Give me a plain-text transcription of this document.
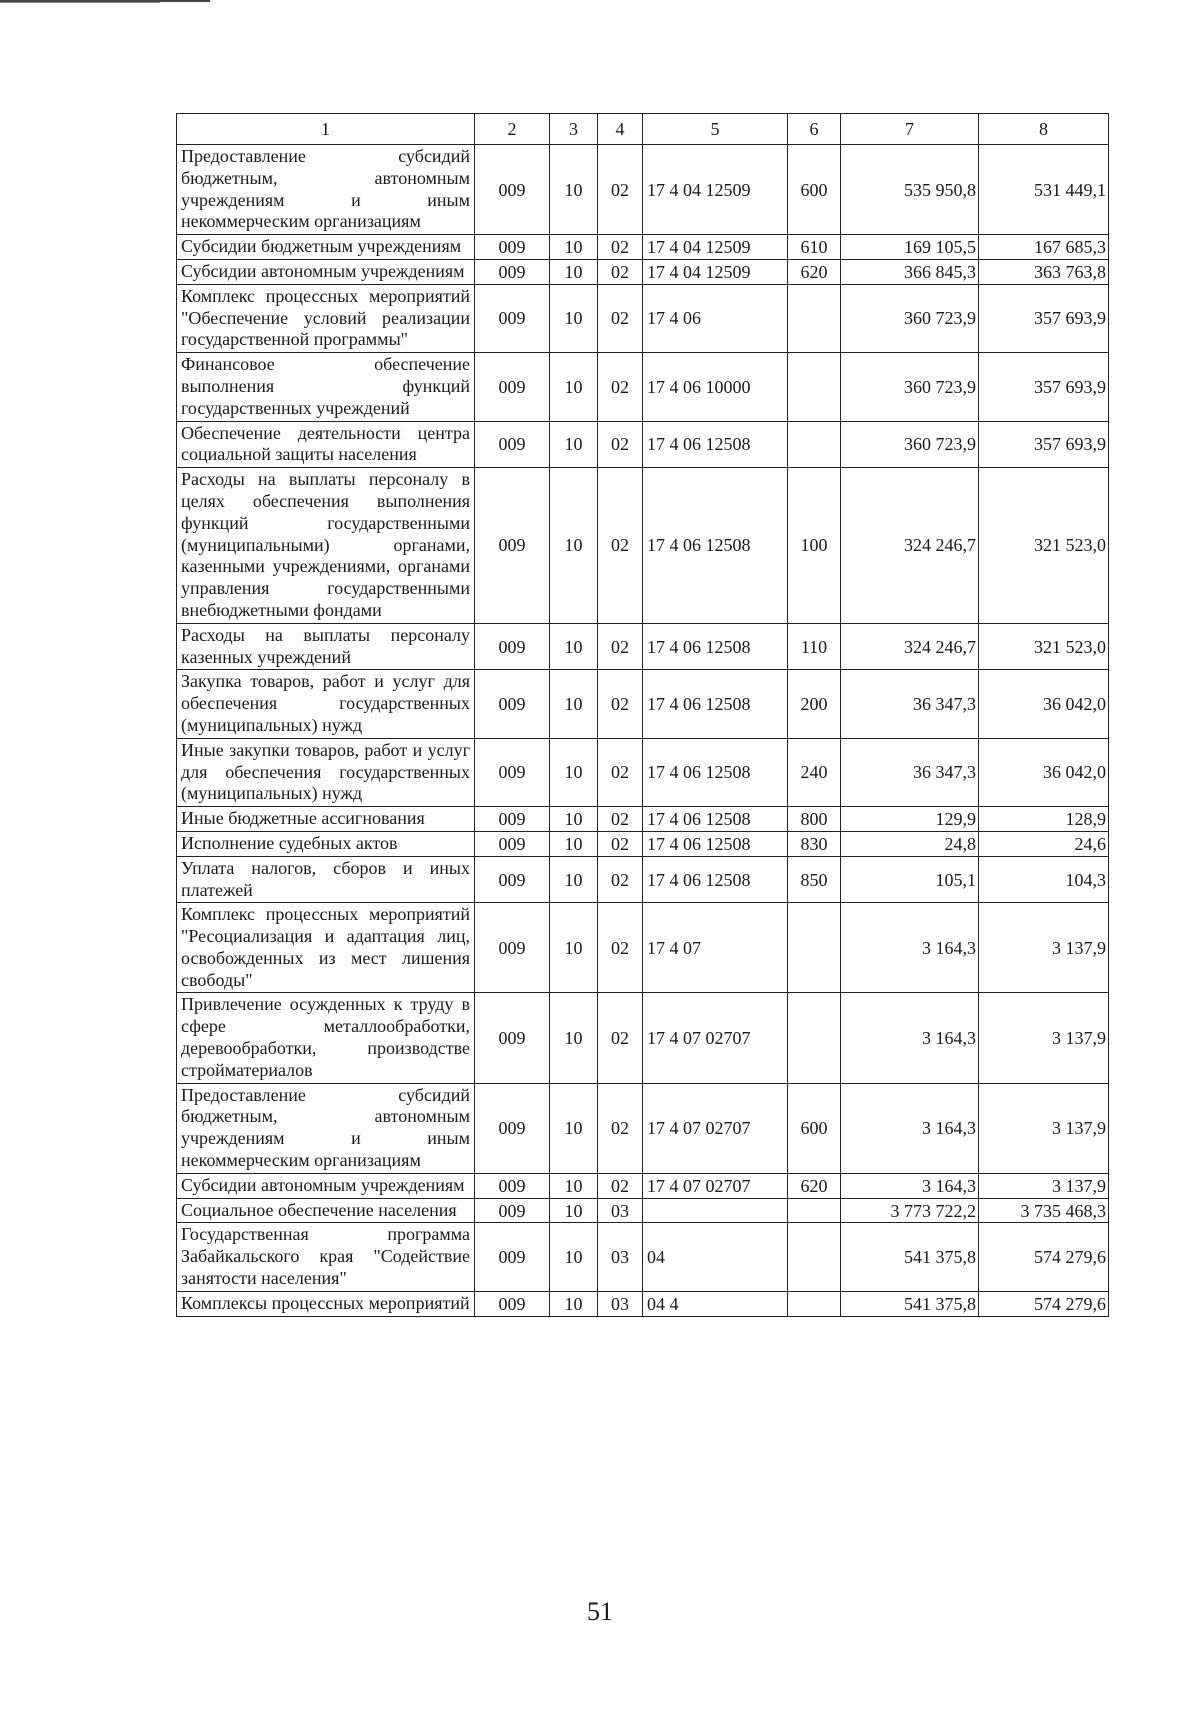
1	2	3	4	5	6	7	8
Предоставление субсидий бюджетным, автономным учреждениям и иным некоммерческим организациям	009	10	02	17 4 04 12509	600	535 950,8	531 449,1
Субсидии бюджетным учреждениям	009	10	02	17 4 04 12509	610	169 105,5	167 685,3
Субсидии автономным учреждениям	009	10	02	17 4 04 12509	620	366 845,3	363 763,8
Комплекс процессных мероприятий "Обеспечение условий реализации государственной программы"	009	10	02	17 4 06		360 723,9	357 693,9
Финансовое обеспечение выполнения функций государственных учреждений	009	10	02	17 4 06 10000		360 723,9	357 693,9
Обеспечение деятельности центра социальной защиты населения	009	10	02	17 4 06 12508		360 723,9	357 693,9
Расходы на выплаты персоналу в целях обеспечения выполнения функций государственными (муниципальными) органами, казенными учреждениями, органами управления государственными внебюджетными фондами	009	10	02	17 4 06 12508	100	324 246,7	321 523,0
Расходы на выплаты персоналу казенных учреждений	009	10	02	17 4 06 12508	110	324 246,7	321 523,0
Закупка товаров, работ и услуг для обеспечения государственных (муниципальных) нужд	009	10	02	17 4 06 12508	200	36 347,3	36 042,0
Иные закупки товаров, работ и услуг для обеспечения государственных (муниципальных) нужд	009	10	02	17 4 06 12508	240	36 347,3	36 042,0
Иные бюджетные ассигнования	009	10	02	17 4 06 12508	800	129,9	128,9
Исполнение судебных актов	009	10	02	17 4 06 12508	830	24,8	24,6
Уплата налогов, сборов и иных платежей	009	10	02	17 4 06 12508	850	105,1	104,3
Комплекс процессных мероприятий "Ресоциализация и адаптация лиц, освобожденных из мест лишения свободы"	009	10	02	17 4 07		3 164,3	3 137,9
Привлечение осужденных к труду в сфере металлообработки, деревообработки, производстве стройматериалов	009	10	02	17 4 07 02707		3 164,3	3 137,9
Предоставление субсидий бюджетным, автономным учреждениям и иным некоммерческим организациям	009	10	02	17 4 07 02707	600	3 164,3	3 137,9
Субсидии автономным учреждениям	009	10	02	17 4 07 02707	620	3 164,3	3 137,9
Социальное обеспечение населения	009	10	03			3 773 722,2	3 735 468,3
Государственная программа Забайкальского края "Содействие занятости населения"	009	10	03	04		541 375,8	574 279,6
Комплексы процессных мероприятий	009	10	03	04 4		541 375,8	574 279,6
51
